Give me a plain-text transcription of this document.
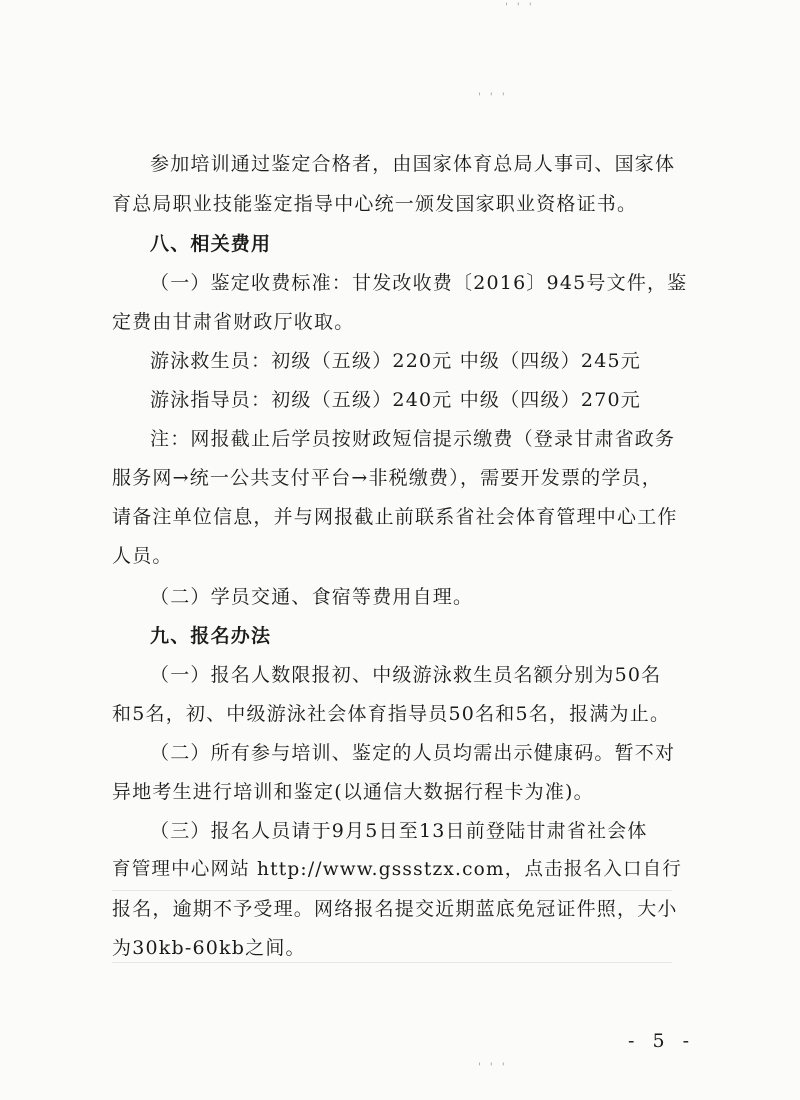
' ' '
' ' '
' ' '
参加培训通过鉴定合格者，由国家体育总局人事司、国家体
育总局职业技能鉴定指导中心统一颁发国家职业资格证书。
八、相关费用
（一）鉴定收费标准：甘发改收费〔2016〕945号文件，鉴
定费由甘肃省财政厅收取。
游泳救生员：初级（五级）220元 中级（四级）245元
游泳指导员：初级（五级）240元 中级（四级）270元
注：网报截止后学员按财政短信提示缴费（登录甘肃省政务
服务网→统一公共支付平台→非税缴费），需要开发票的学员，
请备注单位信息，并与网报截止前联系省社会体育管理中心工作
人员。
（二）学员交通、食宿等费用自理。
九、报名办法
（一）报名人数限报初、中级游泳救生员名额分别为50名
和5名，初、中级游泳社会体育指导员50名和5名，报满为止。
（二）所有参与培训、鉴定的人员均需出示健康码。暂不对
异地考生进行培训和鉴定(以通信大数据行程卡为准)。
（三）报名人员请于9月5日至13日前登陆甘肃省社会体
育管理中心网站 http://www.gssstzx.com，点击报名入口自行
报名，逾期不予受理。网络报名提交近期蓝底免冠证件照，大小
为30kb-60kb之间。
- 5 -
